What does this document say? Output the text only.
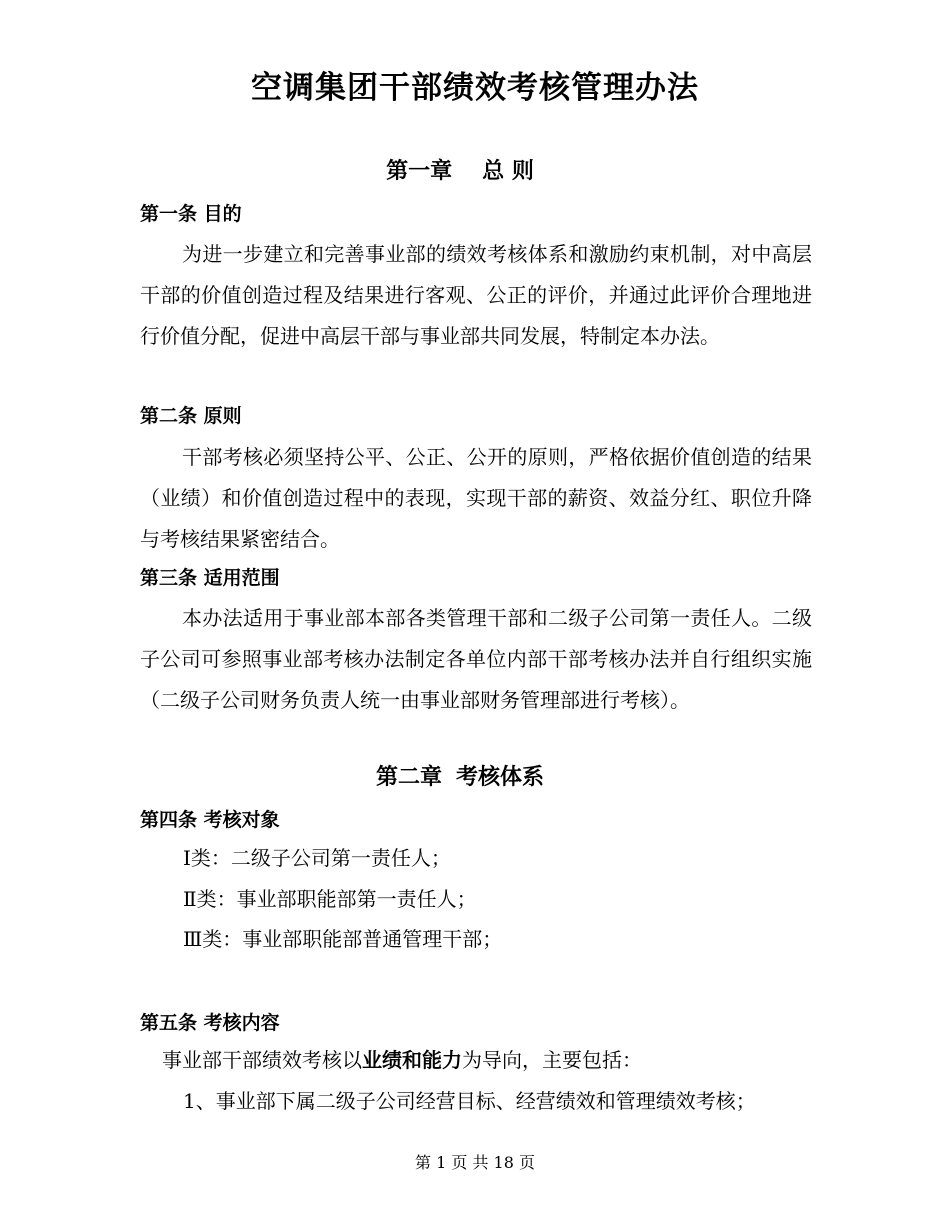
空调集团干部绩效考核管理办法
第一章 总 则
第一条 目的

为进一步建立和完善事业部的绩效考核体系和激励约束机制，对中高层干部的价值创造过程及结果进行客观、公正的评价，并通过此评价合理地进行价值分配，促进中高层干部与事业部共同发展，特制定本办法。

第二条 原则

干部考核必须坚持公平、公正、公开的原则，严格依据价值创造的结果（业绩）和价值创造过程中的表现，实现干部的薪资、效益分红、职位升降与考核结果紧密结合。

第三条 适用范围

本办法适用于事业部本部各类管理干部和二级子公司第一责任人。二级子公司可参照事业部考核办法制定各单位内部干部考核办法并自行组织实施（二级子公司财务负责人统一由事业部财务管理部进行考核）。

第二章 考核体系
第四条 考核对象

Ⅰ类：二级子公司第一责任人；

Ⅱ类：事业部职能部第一责任人；

Ⅲ类：事业部职能部普通管理干部；

第五条 考核内容

事业部干部绩效考核以业绩和能力为导向，主要包括：

1、事业部下属二级子公司经营目标、经营绩效和管理绩效考核；

第 1 页 共 18 页
